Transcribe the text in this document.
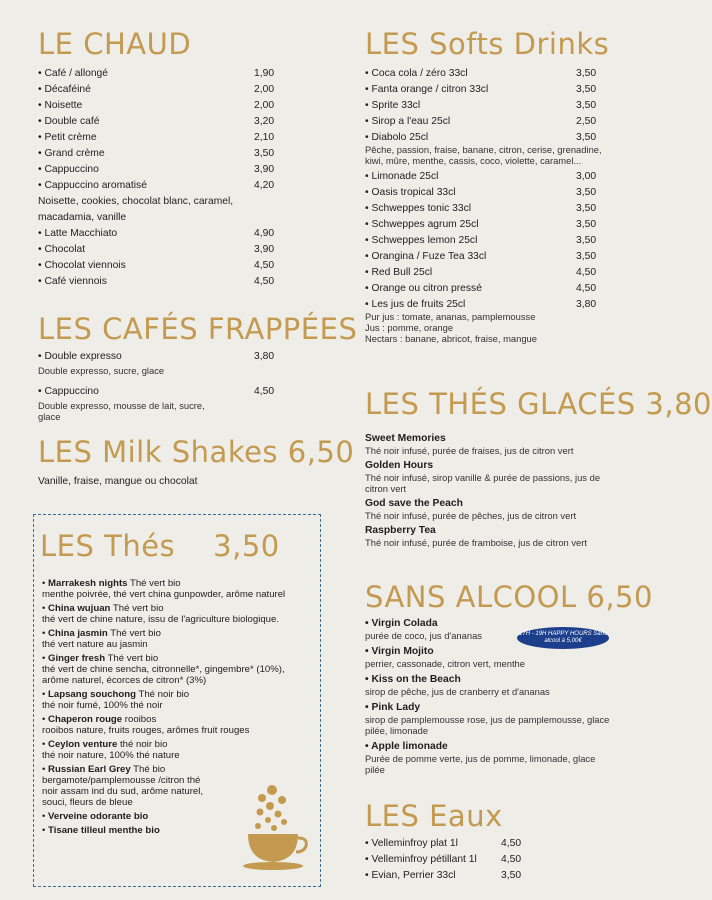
LE CHAUD
• Café / allongé	1,90
• Décaféiné	2,00
• Noisette	2,00
• Double café	3,20
• Petit crème	2,10
• Grand crème	3,50
• Cappuccino	3,90
• Cappuccino aromatisé	4,20
Noisette, cookies, chocolat blanc, caramel, macadamia, vanille
• Latte Macchiato	4,90
• Chocolat	3,90
• Chocolat viennois	4,50
• Café viennois	4,50
LES CAFÉS FRAPPÉES
• Double expresso	3,80
Double expresso, sucre, glace
• Cappuccino	4,50
Double expresso, mousse de lait, sucre, glace
LES Milk Shakes 6,50
Vanille, fraise, mangue ou chocolat
LES Thés 3,50
• Marrakesh nights Thé vert bio
menthe poivrée, thé vert china gunpowder, arôme naturel
• China wujuan Thé vert bio
thé vert de chine nature, issu de l'agriculture biologique.
• China jasmin Thé vert bio
thé vert nature au jasmin
• Ginger fresh Thé vert bio
thé vert de chine sencha, citronnelle*, gingembre* (10%), arôme naturel, écorces de citron* (3%)
• Lapsang souchong Thé noir bio
thé noir fumé, 100% thé noir
• Chaperon rouge rooibos
rooibos nature, fruits rouges, arômes fruit rouges
• Ceylon venture thé noir bio
thé noir nature, 100% thé nature
• Russian Earl Grey Thé bio
bergamote/pamplemousse /citron thé noir assam ind du sud, arôme naturel, souci, fleurs de bleue
• Verveine odorante bio
• Tisane tilleul menthe bio
LES Softs Drinks
• Coca cola / zéro 33cl	3,50
• Fanta orange / citron 33cl	3,50
• Sprite 33cl	3,50
• Sirop a l'eau 25cl	2,50
• Diabolo 25cl	3,50
Pêche, passion, fraise, banane, citron, cerise, grenadine, kiwi, mûre, menthe, cassis, coco, violette, caramel...
• Limonade 25cl	3,00
• Oasis tropical 33cl	3,50
• Schweppes tonic 33cl	3,50
• Schweppes agrum 25cl	3,50
• Schweppes lemon 25cl	3,50
• Orangina / Fuze Tea 33cl	3,50
• Red Bull 25cl	4,50
• Orange ou citron pressé	4,50
• Les jus de fruits 25cl	3,80
Pur jus : tomate, ananas, pamplemousse
Jus : pomme, orange
Nectars : banane, abricot, fraise, mangue
LES THÉS GLACÉS 3,80
Sweet Memories
Thé noir infusé, purée de fraises, jus de citron vert
Golden Hours
Thé noir infusé, sirop vanille & purée de passions, jus de citron vert
God save the Peach
Thé noir infusé, purée de pêches, jus de citron vert
Raspberry Tea
Thé noir infusé, purée de framboise, jus de citron vert
SANS ALCOOL 6,50
17H - 19H HAPPY HOURS Sans alcool à 5,00€
• Virgin Colada
purée de coco, jus d'ananas
• Virgin Mojito
perrier, cassonade, citron vert, menthe
• Kiss on the Beach
sirop de pêche, jus de cranberry et d'ananas
• Pink Lady
sirop de pamplemousse rose, jus de pamplemousse, glace pilée, limonade
• Apple limonade
Purée de pomme verte, jus de pomme, limonade, glace pilée
LES Eaux
• Velleminfroy plat 1l	4,50
• Velleminfroy pétillant 1l 4,50
• Evian, Perrier 33cl	3,50
